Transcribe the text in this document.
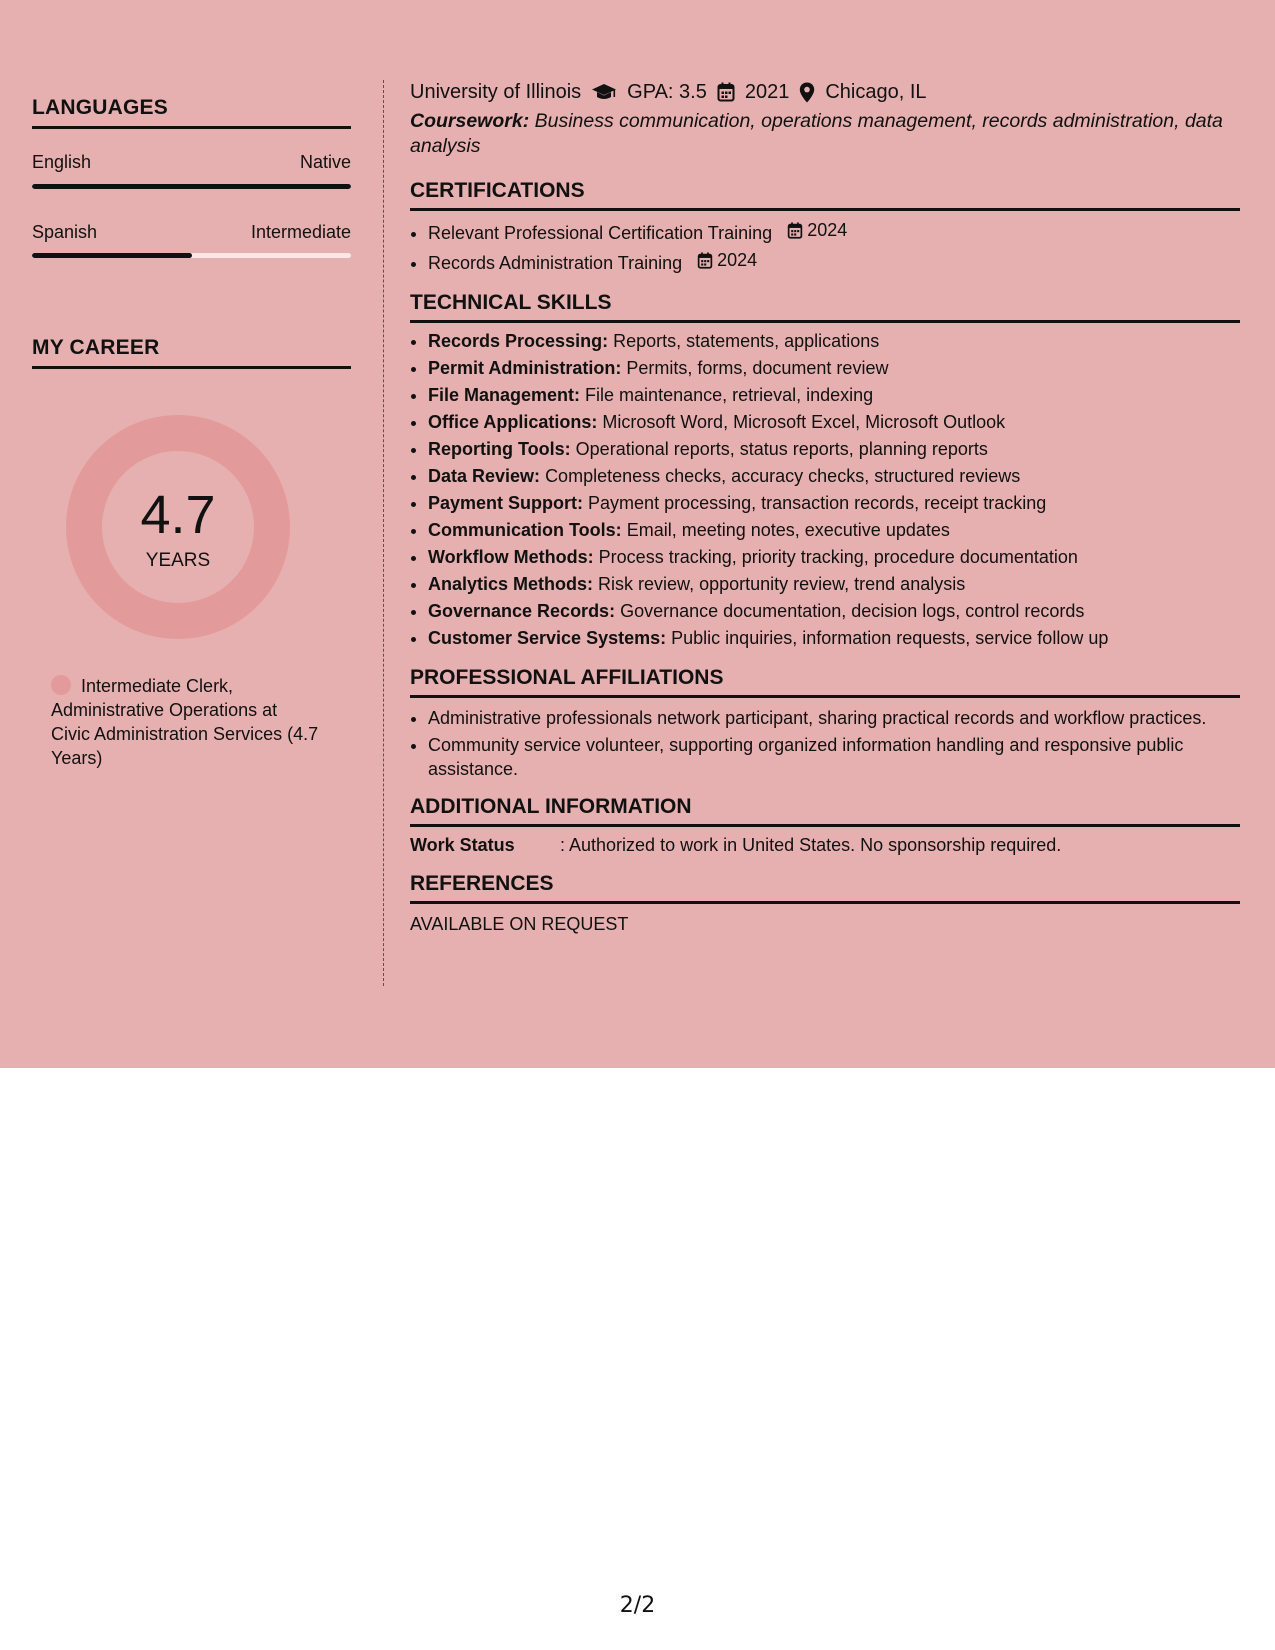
LANGUAGES
English	Native
Spanish	Intermediate
MY CAREER
4.7
YEARS
Intermediate Clerk, Administrative Operations at Civic Administration Services (4.7 Years)
University of Illinois GPA: 3.5 2021 Chicago, IL
Coursework: Business communication, operations management, records administration, data analysis
CERTIFICATIONS
• Relevant Professional Certification Training 2024
• Records Administration Training 2024
TECHNICAL SKILLS
• Records Processing: Reports, statements, applications
• Permit Administration: Permits, forms, document review
• File Management: File maintenance, retrieval, indexing
• Office Applications: Microsoft Word, Microsoft Excel, Microsoft Outlook
• Reporting Tools: Operational reports, status reports, planning reports
• Data Review: Completeness checks, accuracy checks, structured reviews
• Payment Support: Payment processing, transaction records, receipt tracking
• Communication Tools: Email, meeting notes, executive updates
• Workflow Methods: Process tracking, priority tracking, procedure documentation
• Analytics Methods: Risk review, opportunity review, trend analysis
• Governance Records: Governance documentation, decision logs, control records
• Customer Service Systems: Public inquiries, information requests, service follow up
PROFESSIONAL AFFILIATIONS
• Administrative professionals network participant, sharing practical records and workflow practices.
• Community service volunteer, supporting organized information handling and responsive public assistance.
ADDITIONAL INFORMATION
Work Status	: Authorized to work in United States. No sponsorship required.
REFERENCES
AVAILABLE ON REQUEST
2/2
